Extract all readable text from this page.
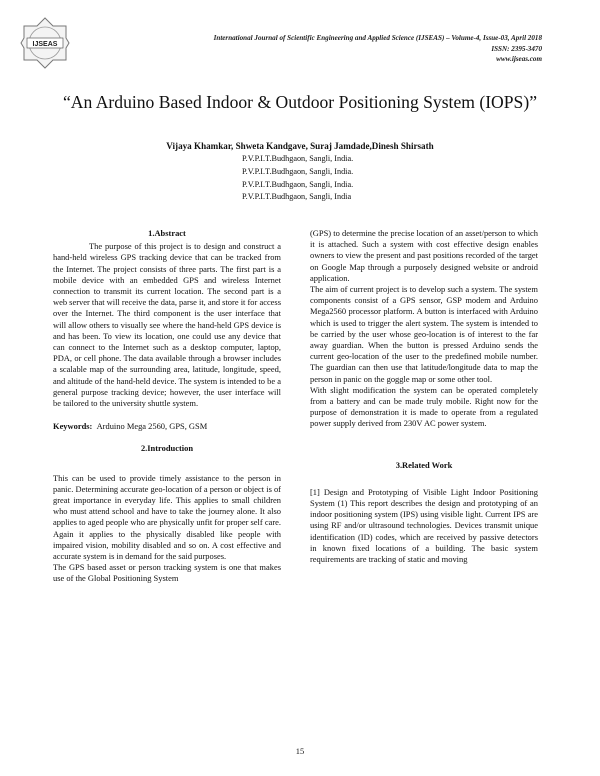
IJSEAS
International Journal of Scientific Engineering and Applied Science (IJSEAS) – Volume-4, Issue-03, April 2018
ISSN: 2395-3470
www.ijseas.com
“An Arduino Based Indoor & Outdoor Positioning System (IOPS)”
Vijaya Khamkar, Shweta Kandgave, Suraj Jamdade,Dinesh Shirsath
P.V.P.I.T.Budhgaon, Sangli, India.
P.V.P.I.T.Budhgaon, Sangli, India.
P.V.P.I.T.Budhgaon, Sangli, India.
P.V.P.I.T.Budhgaon, Sangli, India
1.Abstract

The purpose of this project is to design and construct a hand-held wireless GPS tracking device that can be tracked from the Internet. The project consists of three parts. The first part is a mobile device with an embedded GPS and wireless Internet connection to transmit its current location. The second part is a web server that will receive the data, parse it, and store it for access over the Internet. The third component is the user interface that will allow others to visually see where the hand-held GPS device is and has been. To view its location, one could use any device that can connect to the Internet such as a desktop computer, laptop, PDA, or cell phone. The data available through a browser includes a scalable map of the surrounding area, latitude, longitude, speed, and altitude of the hand-held device. The system is intended to be a general purpose tracking device; however, the user interface will be tailored to the university shuttle system.

Keywords: Arduino Mega 2560, GPS, GSM

2.Introduction

This can be used to provide timely assistance to the person in panic. Determining accurate geo-location of a person or object is of great importance in everyday life. This applies to small children who must attend school and have to take the journey alone. It also applies to aged people who are physically unfit for proper self care. Again it applies to the physically disabled like people with impaired vision, mobility disabled and so on. A cost effective and accurate system is in demand for the said purposes.

The GPS based asset or person tracking system is one that makes use of the Global Positioning System

(GPS) to determine the precise location of an asset/person to which it is attached. Such a system with cost effective design enables owners to view the present and past positions recorded of the target on Google Map through a purposely designed website or android application.

The aim of current project is to develop such a system. The system components consist of a GPS sensor, GSP modem and Arduino Mega2560 processor platform. A button is interfaced with Arduino which is used to trigger the alert system. The system is intended to be carried by the user whose geo-location is of interest to the far away guardian. When the button is pressed Arduino sends the current geo-location of the user to the predefined mobile number. The guardian can then use that latitude/longitude data to map the person in panic on the goggle map or some other tool.

With slight modification the system can be operated completely from a battery and can be made truly mobile. Right now for the purpose of demonstration it is made to operate from a regulated power supply derived from 230V AC power system.

3.Related Work

[1] Design and Prototyping of Visible Light Indoor Positioning System (1) This report describes the design and prototyping of an indoor positioning system (IPS) using visible light. Current IPS are using RF and/or ultrasound technologies. Devices transmit unique identification (ID) codes, which are received by passive detectors in known fixed locations of a building. The basic system requirements are tracking of static and moving

15
